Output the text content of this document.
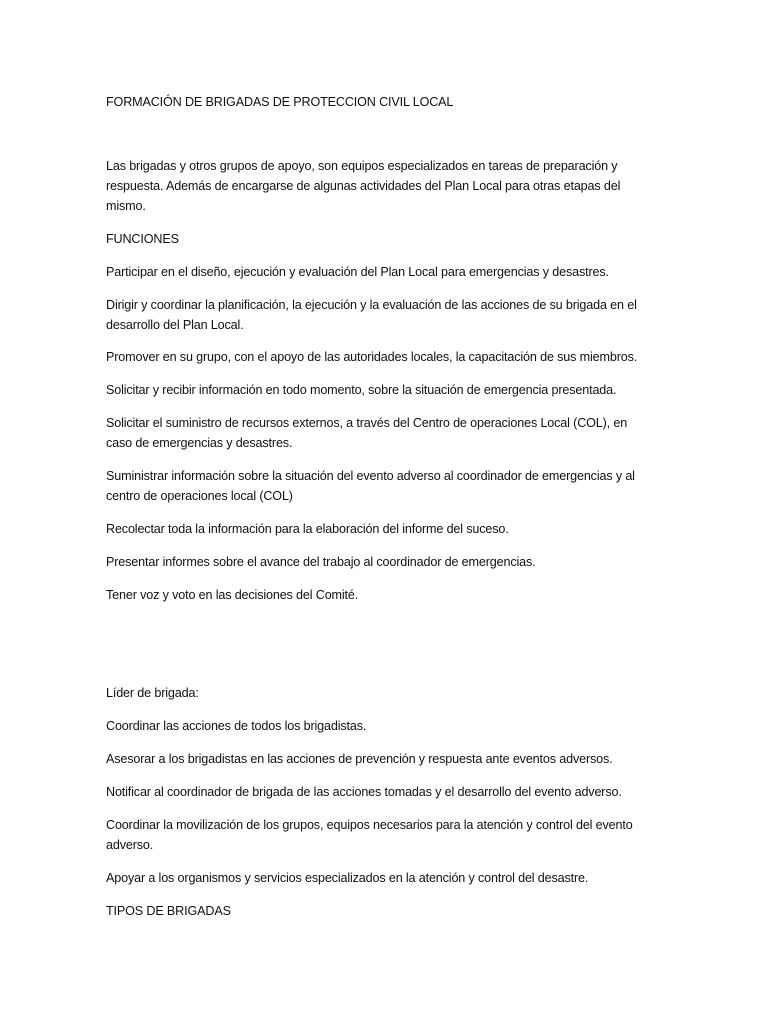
FORMACIÓN DE BRIGADAS DE PROTECCION CIVIL LOCAL
Las brigadas y otros grupos de apoyo, son equipos especializados en tareas de preparación y
respuesta. Además de encargarse de algunas actividades del Plan Local para otras etapas del
mismo.
FUNCIONES
Participar en el diseño, ejecución y evaluación del Plan Local para emergencias y desastres.
Dirigir y coordinar la planificación, la ejecución y la evaluación de las acciones de su brigada en el
desarrollo del Plan Local.
Promover en su grupo, con el apoyo de las autoridades locales, la capacitación de sus miembros.
Solicitar y recibir información en todo momento, sobre la situación de emergencia presentada.
Solicitar el suministro de recursos externos, a través del Centro de operaciones Local (COL), en
caso de emergencias y desastres.
Suministrar información sobre la situación del evento adverso al coordinador de emergencias y al
centro de operaciones local (COL)
Recolectar toda la información para la elaboración del informe del suceso.
Presentar informes sobre el avance del trabajo al coordinador de emergencias.
Tener voz y voto en las decisiones del Comité.
Líder de brigada:
Coordinar las acciones de todos los brigadistas.
Asesorar a los brigadistas en las acciones de prevención y respuesta ante eventos adversos.
Notificar al coordinador de brigada de las acciones tomadas y el desarrollo del evento adverso.
Coordinar la movilización de los grupos, equipos necesarios para la atención y control del evento
adverso.
Apoyar a los organismos y servicios especializados en la atención y control del desastre.
TIPOS DE BRIGADAS
